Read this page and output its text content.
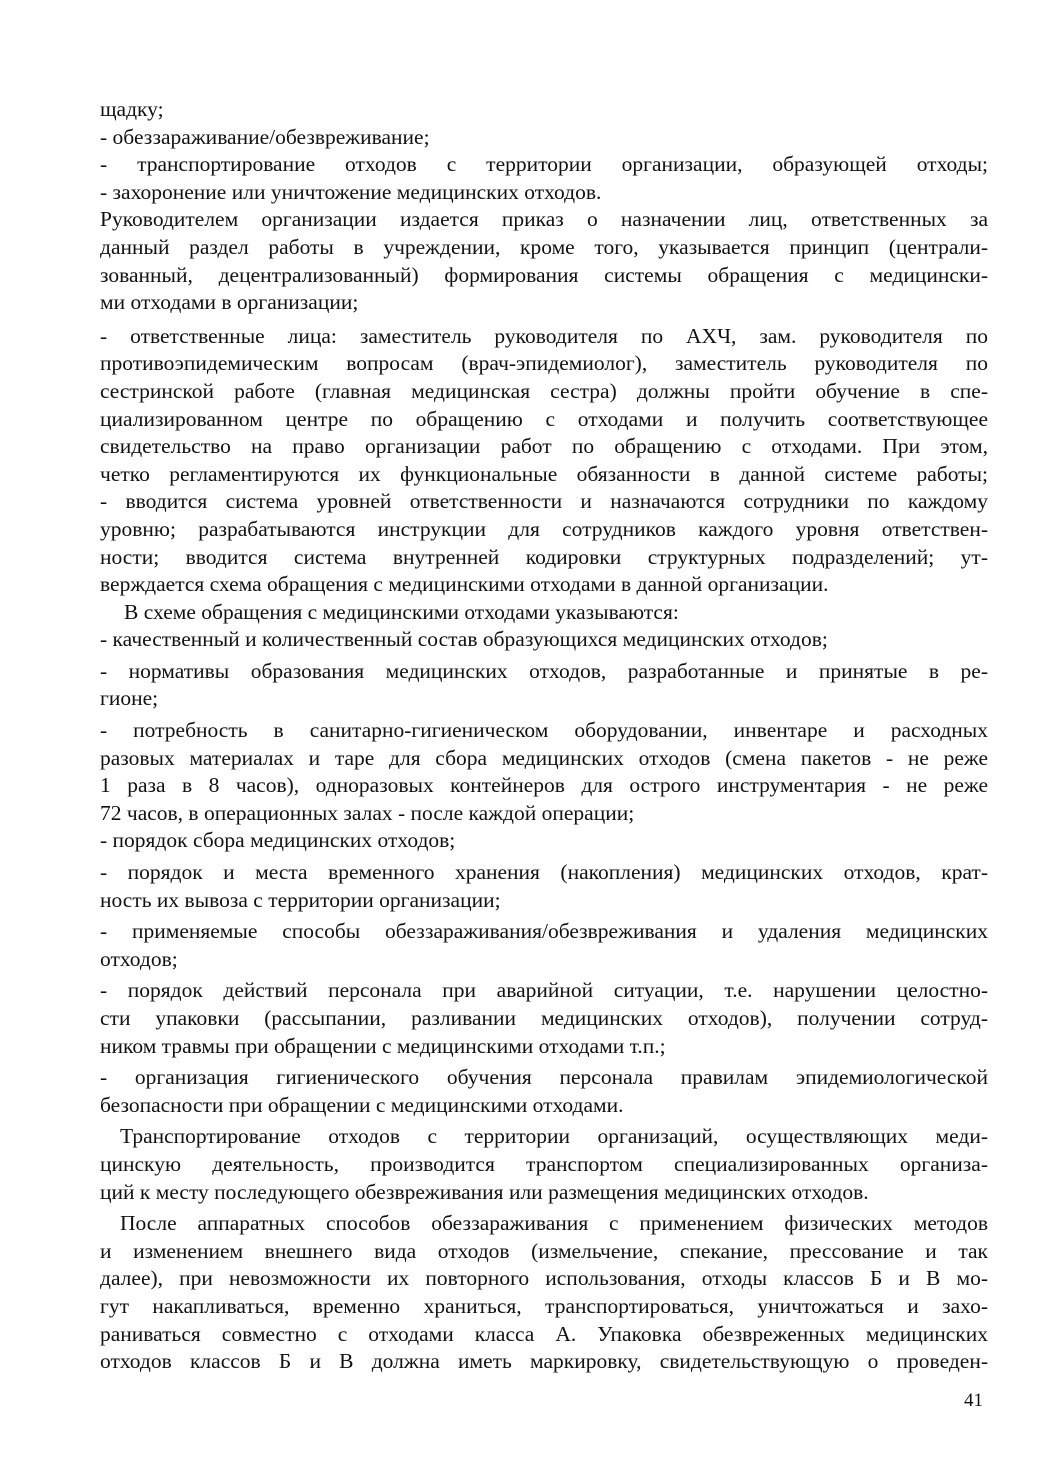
щадку;
- обеззараживание/обезвреживание;
- транспортирование отходов с территории организации, образующей отходы;
- захоронение или уничтожение медицинских отходов.
Руководителем организации издается приказ о назначении лиц, ответственных за
данный раздел работы в учреждении, кроме того, указывается принцип (централи-
зованный, децентрализованный) формирования системы обращения с медицински-
ми отходами в организации;
- ответственные лица: заместитель руководителя по АХЧ, зам. руководителя по
противоэпидемическим вопросам (врач-эпидемиолог), заместитель руководителя по
сестринской работе (главная медицинская сестра) должны пройти обучение в спе-
циализированном центре по обращению с отходами и получить соответствующее
свидетельство на право организации работ по обращению с отходами. При этом,
четко регламентируются их функциональные обязанности в данной системе работы;
- вводится система уровней ответственности и назначаются сотрудники по каждому
уровню; разрабатываются инструкции для сотрудников каждого уровня ответствен-
ности; вводится система внутренней кодировки структурных подразделений; ут-
верждается схема обращения с медицинскими отходами в данной организации.
В схеме обращения с медицинскими отходами указываются:
- качественный и количественный состав образующихся медицинских отходов;
- нормативы образования медицинских отходов, разработанные и принятые в ре-
гионе;
- потребность в санитарно-гигиеническом оборудовании, инвентаре и расходных
разовых материалах и таре для сбора медицинских отходов (смена пакетов - не реже
1 раза в 8 часов), одноразовых контейнеров для острого инструментария - не реже
72 часов, в операционных залах - после каждой операции;
- порядок сбора медицинских отходов;
- порядок и места временного хранения (накопления) медицинских отходов, крат-
ность их вывоза с территории организации;
- применяемые способы обеззараживания/обезвреживания и удаления медицинских
отходов;
- порядок действий персонала при аварийной ситуации, т.е. нарушении целостно-
сти упаковки (рассыпании, разливании медицинских отходов), получении сотруд-
ником травмы при обращении с медицинскими отходами т.п.;
- организация гигиенического обучения персонала правилам эпидемиологической
безопасности при обращении с медицинскими отходами.
Транспортирование отходов с территории организаций, осуществляющих меди-
цинскую деятельность, производится транспортом специализированных организа-
ций к месту последующего обезвреживания или размещения медицинских отходов.
После аппаратных способов обеззараживания с применением физических методов
и изменением внешнего вида отходов (измельчение, спекание, прессование и так
далее), при невозможности их повторного использования, отходы классов Б и В мо-
гут накапливаться, временно храниться, транспортироваться, уничтожаться и захо-
раниваться совместно с отходами класса А. Упаковка обезвреженных медицинских
отходов классов Б и В должна иметь маркировку, свидетельствующую о проведен-
41
